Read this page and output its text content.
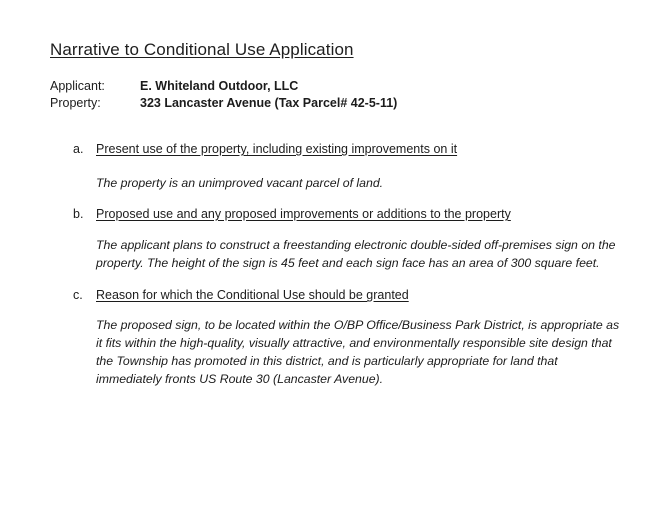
Narrative to Conditional Use Application
Applicant:	E. Whiteland Outdoor, LLC
Property:	323 Lancaster Avenue (Tax Parcel# 42-5-11)
a. Present use of the property, including existing improvements on it
The property is an unimproved vacant parcel of land.
b. Proposed use and any proposed improvements or additions to the property
The applicant plans to construct a freestanding electronic double-sided off-premises sign on the property. The height of the sign is 45 feet and each sign face has an area of 300 square feet.
c. Reason for which the Conditional Use should be granted
The proposed sign, to be located within the O/BP Office/Business Park District, is appropriate as it fits within the high-quality, visually attractive, and environmentally responsible site design that the Township has promoted in this district, and is particularly appropriate for land that immediately fronts US Route 30 (Lancaster Avenue).
